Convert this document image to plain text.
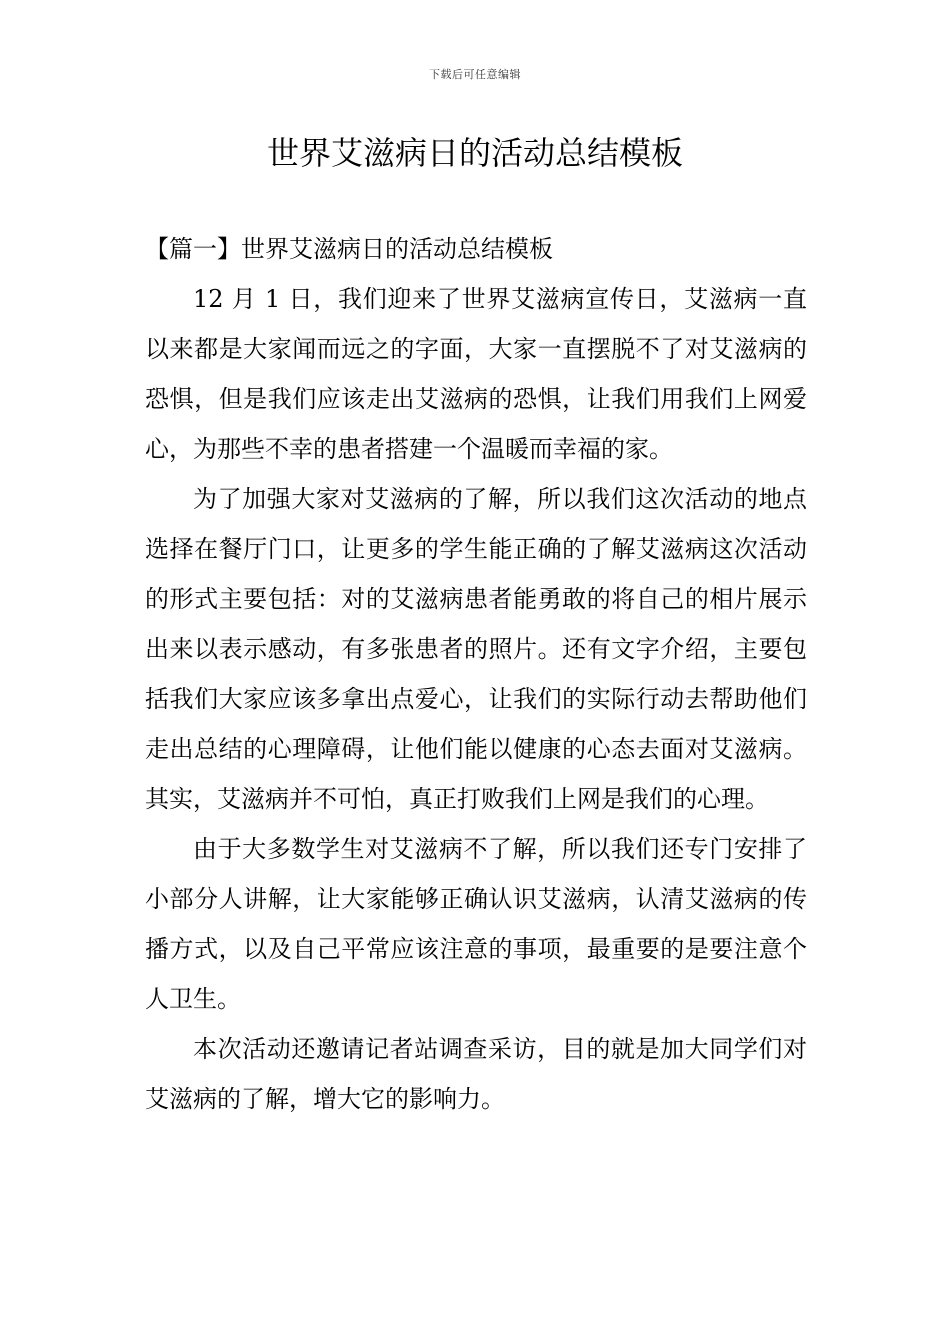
下载后可任意编辑
世界艾滋病日的活动总结模板

【篇一】世界艾滋病日的活动总结模板

12 月 1 日，我们迎来了世界艾滋病宣传日，艾滋病一直以来都是大家闻而远之的字面，大家一直摆脱不了对艾滋病的恐惧，但是我们应该走出艾滋病的恐惧，让我们用我们上网爱心，为那些不幸的患者搭建一个温暖而幸福的家。

为了加强大家对艾滋病的了解，所以我们这次活动的地点选择在餐厅门口，让更多的学生能正确的了解艾滋病这次活动的形式主要包括：对的艾滋病患者能勇敢的将自己的相片展示出来以表示感动，有多张患者的照片。还有文字介绍，主要包括我们大家应该多拿出点爱心，让我们的实际行动去帮助他们走出总结的心理障碍，让他们能以健康的心态去面对艾滋病。其实，艾滋病并不可怕，真正打败我们上网是我们的心理。

由于大多数学生对艾滋病不了解，所以我们还专门安排了小部分人讲解，让大家能够正确认识艾滋病，认清艾滋病的传播方式，以及自己平常应该注意的事项，最重要的是要注意个人卫生。

本次活动还邀请记者站调查采访，目的就是加大同学们对艾滋病的了解，增大它的影响力。
